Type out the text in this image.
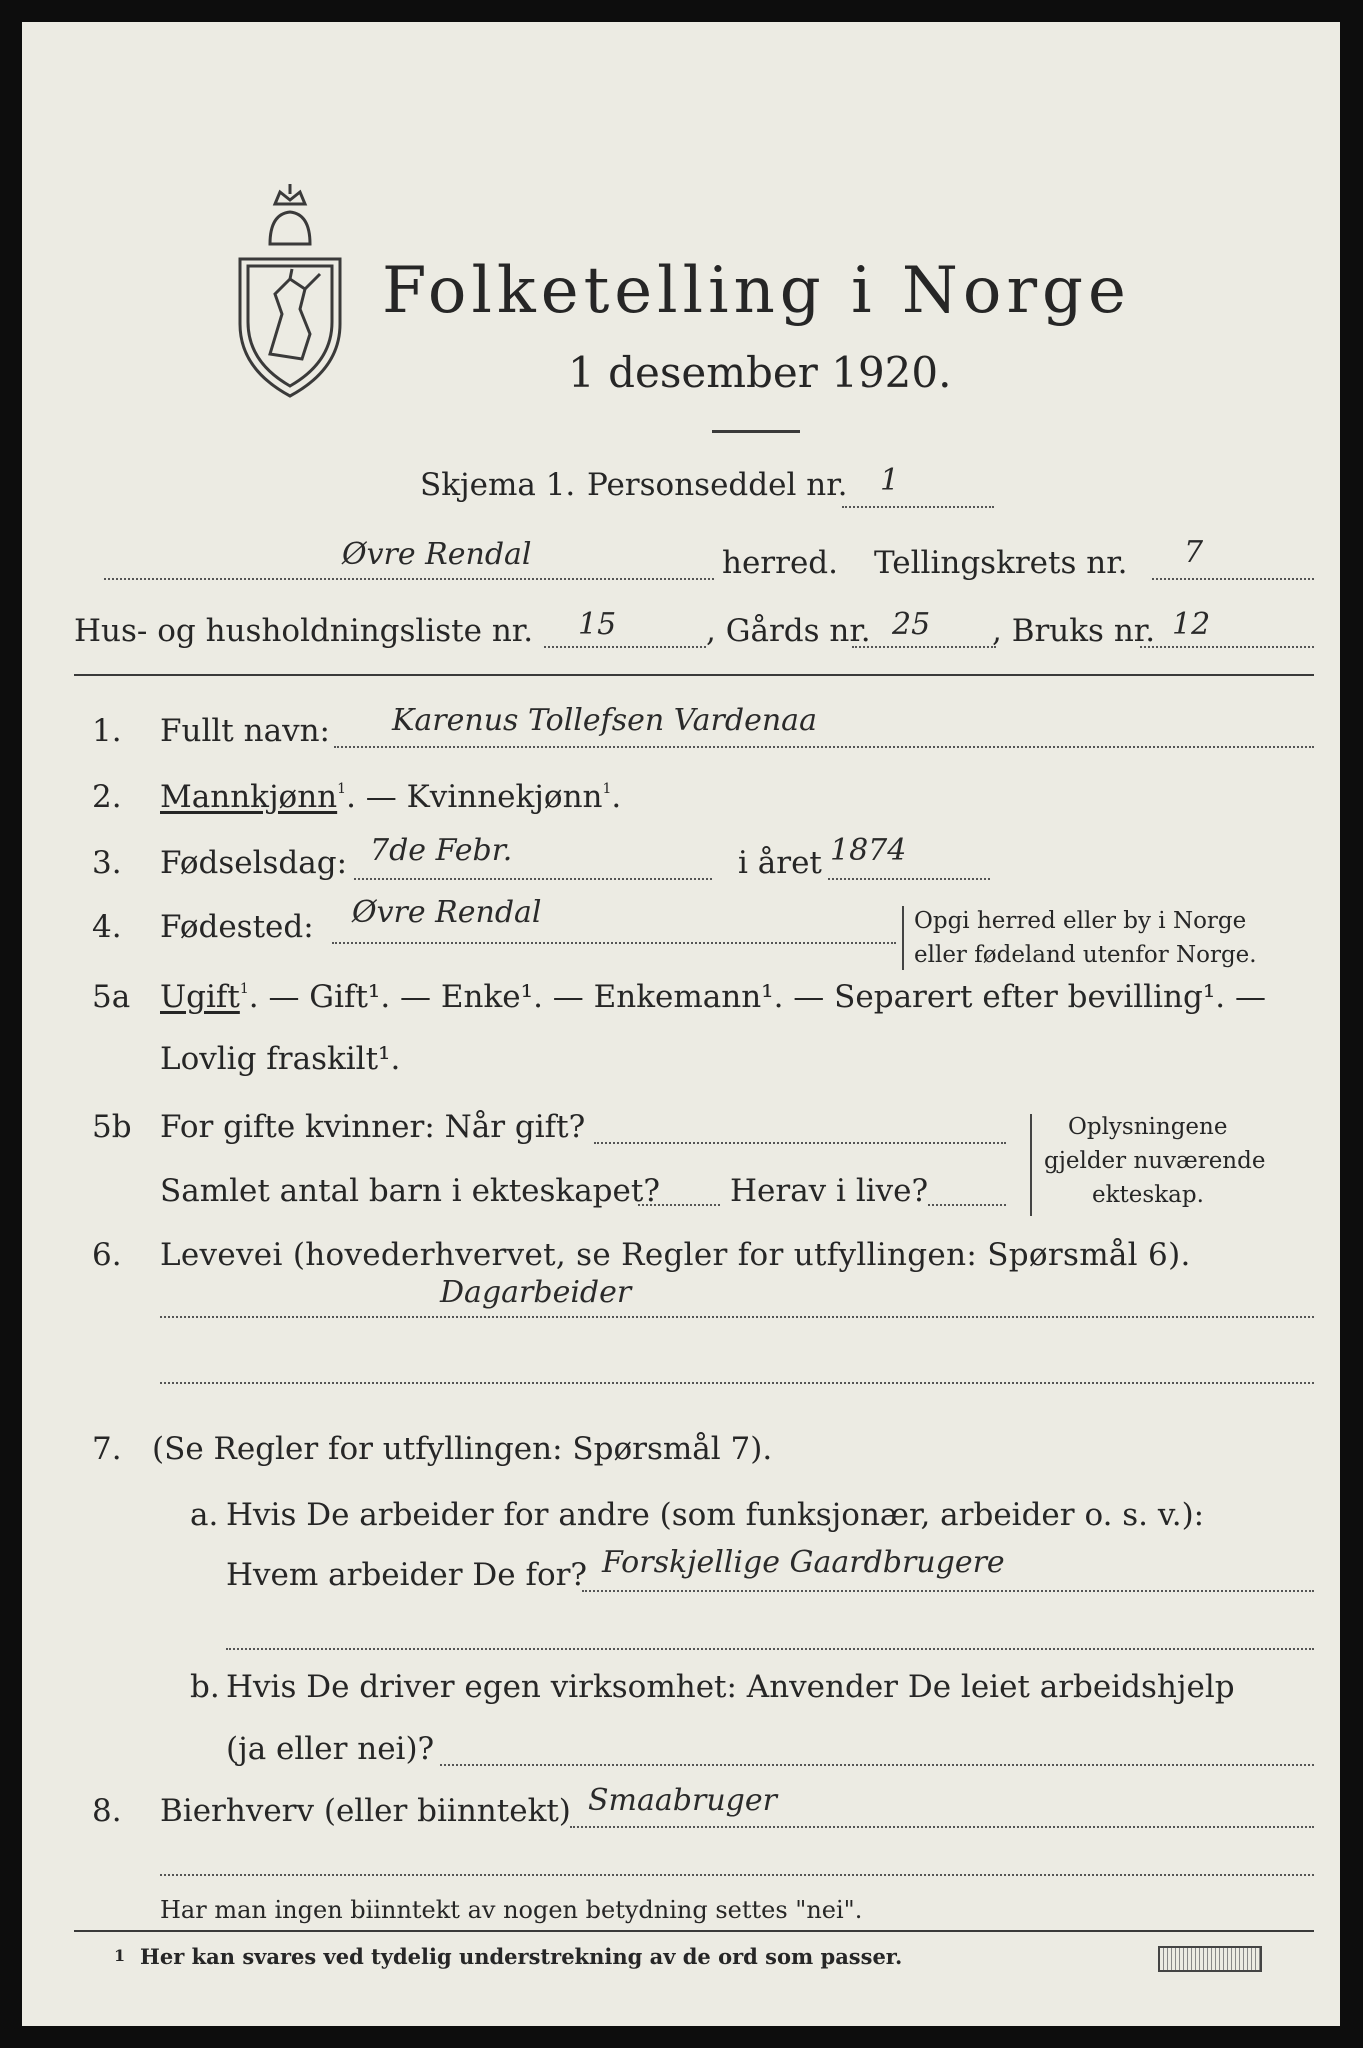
Folketelling i Norge
1 desember 1920.
Skjema 1. Personseddel nr. 1
Øvre Rendal	herred. Tellingskrets nr. 7
Hus- og husholdningsliste nr. 15	, Gårds nr. 25 , Bruks nr. 12
1. Fullt navn: Karenus Tollefsen Vardenaa
2. Mannkjønn$^1$. — Kvinnekjønn$^1$.
3. Fødselsdag: 7de Febr.	i året 1874
4. Fødested: Øvre Rendal	Opgi herred eller by i Norge
eller fødeland utenfor Norge.
5a Ugift$^1$. — Gift¹. — Enke¹. — Enkemann¹. — Separert efter bevilling¹. —
Lovlig fraskilt¹.
5b For gifte kvinner: Når gift?
Samlet antal barn i ekteskapet? Herav i live?
Oplysningene
gjelder nuværende
ekteskap.
6. Levevei (hovederhvervet, se Regler for utfyllingen: Spørsmål 6).
Dagarbeider
7. (Se Regler for utfyllingen: Spørsmål 7).
a. Hvis De arbeider for andre (som funksjonær, arbeider o. s. v.):
Hvem arbeider De for? Forskjellige Gaardbrugere
b. Hvis De driver egen virksomhet: Anvender De leiet arbeidshjelp
(ja eller nei)?
8. Bierhverv (eller biinntekt) Smaabruger
Har man ingen biinntekt av nogen betydning settes "nei".
1 Her kan svares ved tydelig understrekning av de ord som passer.
